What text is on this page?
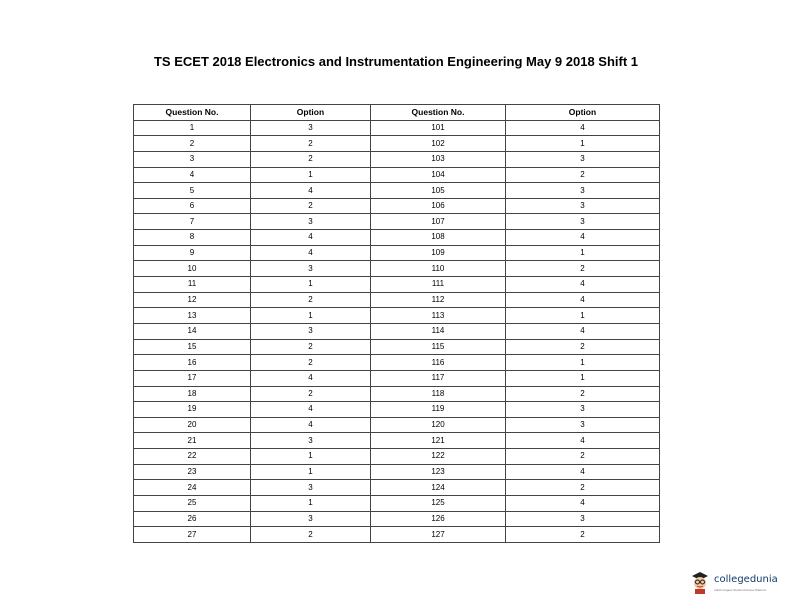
TS ECET 2018 Electronics and Instrumentation Engineering May 9 2018 Shift 1
Question No.	Option	Question No.	Option
1	3	101	4
2	2	102	1
3	2	103	3
4	1	104	2
5	4	105	3
6	2	106	3
7	3	107	3
8	4	108	4
9	4	109	1
10	3	110	2
11	1	111	4
12	2	112	4
13	1	113	1
14	3	114	4
15	2	115	2
16	2	116	1
17	4	117	1
18	2	118	2
19	4	119	3
20	4	120	3
21	3	121	4
22	1	122	2
23	1	123	4
24	3	124	2
25	1	125	4
26	3	126	3
27	2	127	2
collegedunia
India's largest Student Review Platform
